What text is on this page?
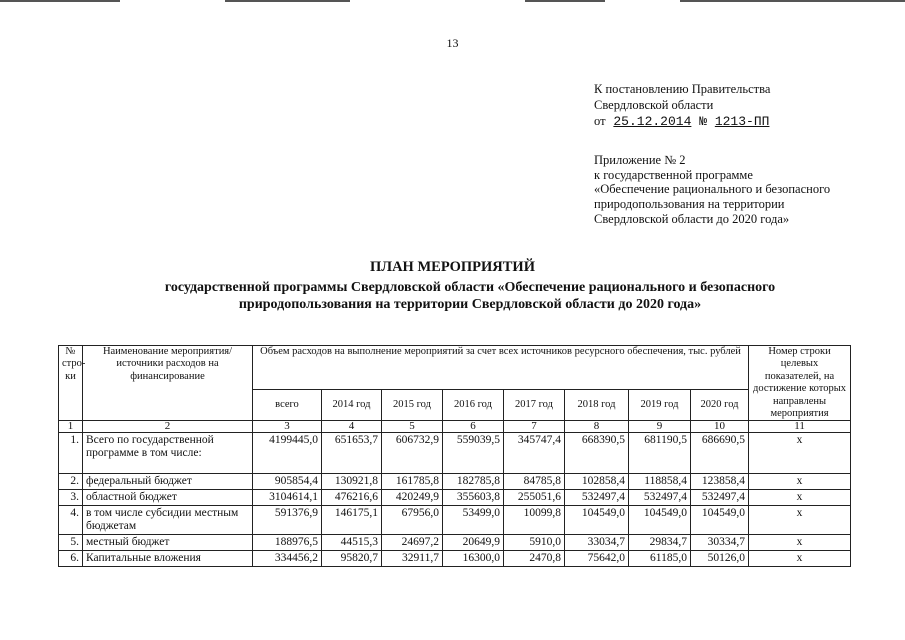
13
К постановлению Правительства
Свердловской области
от 25.12.2014 № 1213-ПП
Приложение № 2
к государственной программе
«Обеспечение рационального и безопасного
природопользования на территории
Свердловской области до 2020 года»
ПЛАН МЕРОПРИЯТИЙ
государственной программы Свердловской области «Обеспечение рационального и безопасного природопользования на территории Свердловской области до 2020 года»
№ стро-ки	Наименование мероприятия/источники расходов на финансирование	Объем расходов на выполнение мероприятий за счет всех источников ресурсного обеспечения, тыс. рублей								Номер строки целевых показателей, на достижение которых направлены мероприятия
		всего	2014 год	2015 год	2016 год	2017 год	2018 год	2019 год	2020 год	
1	2	3	4	5	6	7	8	9	10	11
1.	Всего по государственной программе в том числе:	4199445,0	651653,7	606732,9	559039,5	345747,4	668390,5	681190,5	686690,5	х
2.	федеральный бюджет	905854,4	130921,8	161785,8	182785,8	84785,8	102858,4	118858,4	123858,4	х
3.	областной бюджет	3104614,1	476216,6	420249,9	355603,8	255051,6	532497,4	532497,4	532497,4	х
4.	в том числе субсидии местным бюджетам	591376,9	146175,1	67956,0	53499,0	10099,8	104549,0	104549,0	104549,0	х
5.	местный бюджет	188976,5	44515,3	24697,2	20649,9	5910,0	33034,7	29834,7	30334,7	х
6.	Капитальные вложения	334456,2	95820,7	32911,7	16300,0	2470,8	75642,0	61185,0	50126,0	х
